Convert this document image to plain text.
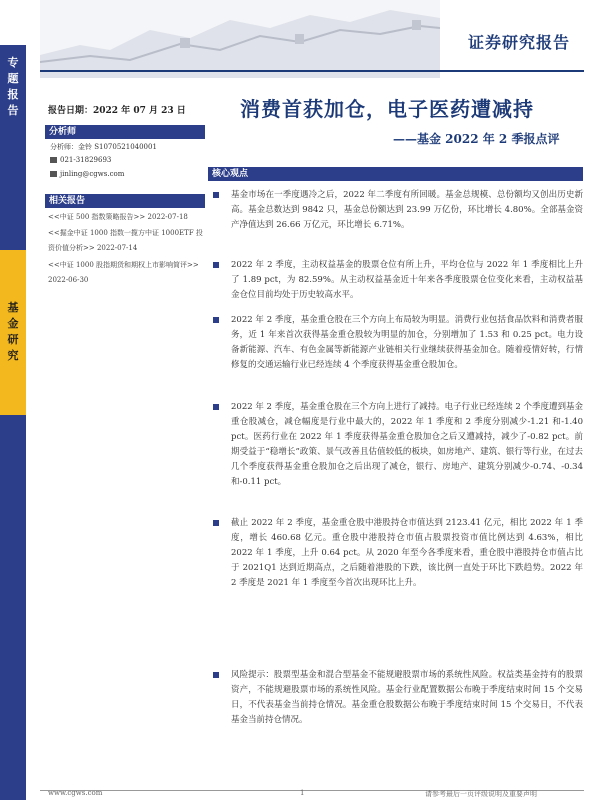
证券研究报告
专
题
报
告
基
金
研
究
报告日期：2022 年 07 月 23 日	消费首获加仓，电子医药遭减持
——基金 2022 年 2 季报点评
分析师
分析师：金铃 S1070521040001
021-31829693
jinling@cgws.com
相关报告
<<中证 500 指数策略报告>> 2022-07-18
<<掘金中证 1000 指数一揽方中证 1000ETF 投资价值分析>> 2022-07-14
<<中证 1000 股指期货和期权上市影响简评>> 2022-06-30
核心观点
基金市场在一季度遇冷之后，2022 年二季度有所回暖。基金总规模、总份额均又创出历史新高。基金总数达到 9842 只，基金总份额达到 23.99 万亿份，环比增长 4.80%。全部基金资产净值达到 26.66 万亿元，环比增长 6.71%。
2022 年 2 季度，主动权益基金的股票仓位有所上升，平均仓位与 2022 年 1 季度相比上升了 1.89 pct，为 82.59%。从主动权益基金近十年来各季度股票仓位变化来看，主动权益基金仓位目前均处于历史较高水平。
2022 年 2 季度，基金重仓股在三个方向上布局较为明显。消费行业包括食品饮料和消费者服务，近 1 年来首次获得基金重仓股较为明显的加仓，分别增加了 1.53 和 0.25 pct。电力设备新能源、汽车、有色金属等新能源产业链相关行业继续获得基金加仓。随着疫情好转，行情修复的交通运输行业已经连续 4 个季度获得基金重仓股加仓。
2022 年 2 季度，基金重仓股在三个方向上进行了减持。电子行业已经连续 2 个季度遭到基金重仓股减仓，减仓幅度是行业中最大的，2022 年 1 季度和 2 季度分别减少-1.21 和-1.40 pct。医药行业在 2022 年 1 季度获得基金重仓股加仓之后又遭减持，减少了-0.82 pct。前期受益于“稳增长”政策、景气改善且估值较低的板块，如房地产、建筑、银行等行业，在过去几个季度获得基金重仓股加仓之后出现了减仓，银行、房地产、建筑分别减少-0.74、-0.34 和-0.11 pct。
截止 2022 年 2 季度，基金重仓股中港股持仓市值达到 2123.41 亿元，相比 2022 年 1 季度，增长 460.68 亿元。重仓股中港股持仓市值占股票投资市值比例达到 4.63%，相比 2022 年 1 季度，上升 0.64 pct。从 2020 年至今各季度来看，重仓股中港股持仓市值占比于 2021Q1 达到近期高点，之后随着港股的下跌，该比例一直处于环比下跌趋势。2022 年 2 季度是 2021 年 1 季度至今首次出现环比上升。
风险提示：股票型基金和混合型基金不能规避股票市场的系统性风险。权益类基金持有的股票资产，不能规避股票市场的系统性风险。基金行业配置数据公布晚于季度结束时间 15 个交易日，不代表基金当前持仓情况。基金重仓股数据公布晚于季度结束时间 15 个交易日，不代表基金当前持仓情况。
www.cgws.com	1	请参考最后一页评级说明及重要声明
